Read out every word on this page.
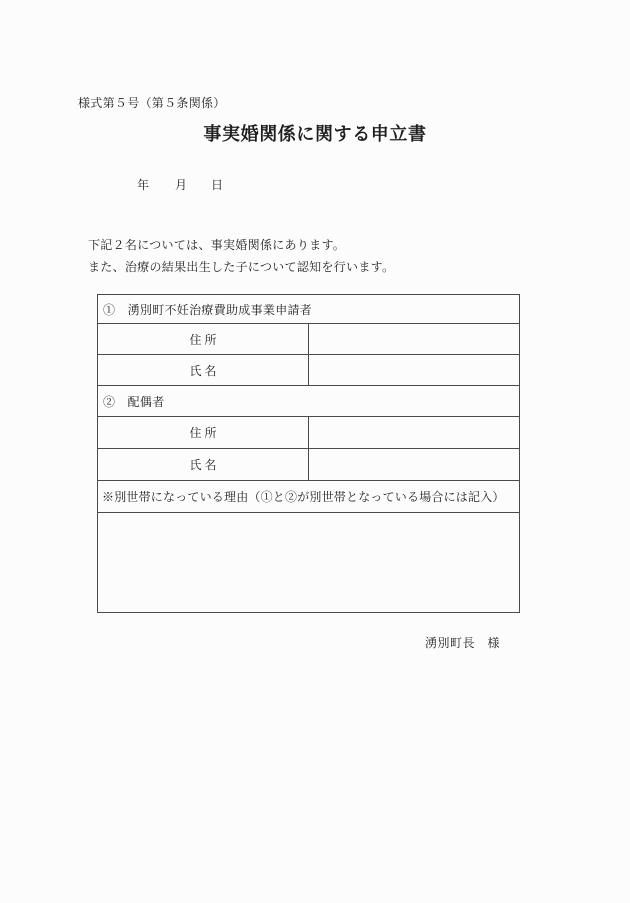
様式第５号（第５条関係）
事実婚関係に関する申立書
年 月 日
下記２名については、事実婚関係にあります。
また、治療の結果出生した子について認知を行います。
①　湧別町不妊治療費助成事業申請者	
住 所	
氏 名	
②　配偶者	
住 所	
氏 名	
※別世帯になっている理由（①と②が別世帯となっている場合には記入）	

湧別町長　様
